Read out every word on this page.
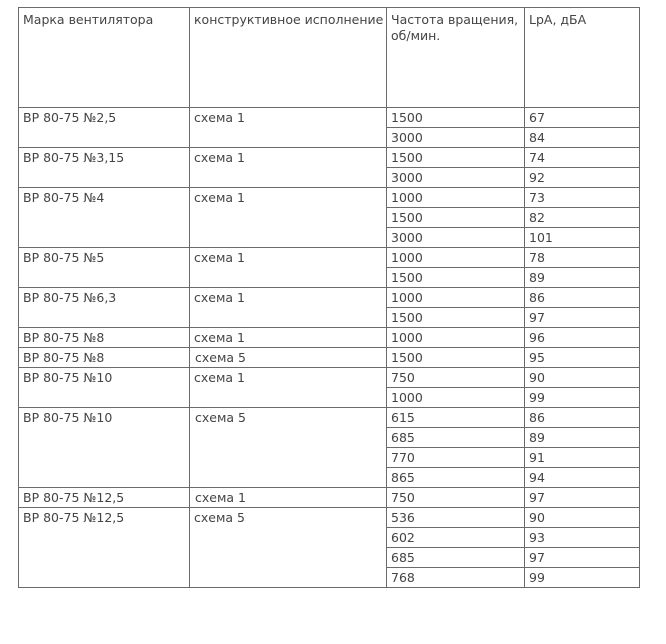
Марка вентилятора	конструктивное исполнение	Частота вращения, об/мин.	LpA, дБА
ВР 80-75 №2,5	схема 1	1500	67
		3000	84
ВР 80-75 №3,15	схема 1	1500	74
		3000	92
ВР 80-75 №4	схема 1	1000	73
		1500	82
		3000	101
ВР 80-75 №5	схема 1	1000	78
		1500	89
ВР 80-75 №6,3	схема 1	1000	86
		1500	97
ВР 80-75 №8	схема 1	1000	96
ВР 80-75 №8	схема 5	1500	95
ВР 80-75 №10	схема 1	750	90
		1000	99
ВР 80-75 №10	схема 5	615	86
		685	89
		770	91
		865	94
ВР 80-75 №12,5	схема 1	750	97
ВР 80-75 №12,5	схема 5	536	90
		602	93
		685	97
		768	99
